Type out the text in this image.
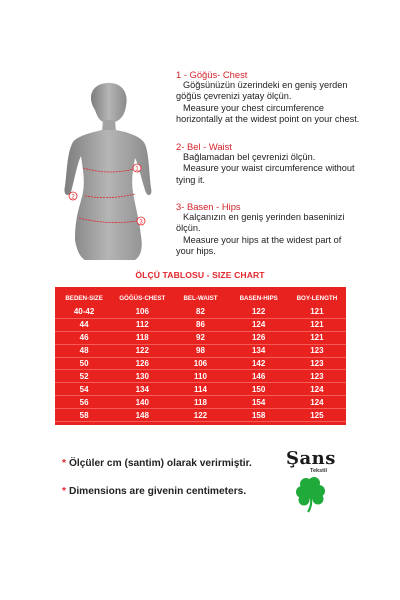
1
2
3
1 - Göğüs- Chest
Göğsünüzün üzerindeki en geniş yerden
göğüs çevrenizi yatay ölçün.
Measure your chest circumference
horizontally at the widest point on your chest.
2- Bel - Waist
Bağlamadan bel çevrenizi ölçün.
Measure your waist circumference without
tying it.
3- Basen - Hips
Kalçanızın en geniş yerinden baseninizi
ölçün.
Measure your hips at the widest part of
your hips.
ÖLÇÜ TABLOSU - SIZE CHART
BEDEN-SIZE	GÖĞÜS-CHEST	BEL-WAIST	BASEN-HIPS	BOY-LENGTH
40-42	106	82	122	121
44	112	86	124	121
46	118	92	126	121
48	122	98	134	123
50	126	106	142	123
52	130	110	146	123
54	134	114	150	124
56	140	118	154	124
58	148	122	158	125
* Ölçüler cm (santim) olarak verirmiştir.
* Dimensions are givenin centimeters.
Şans
Tekstil
